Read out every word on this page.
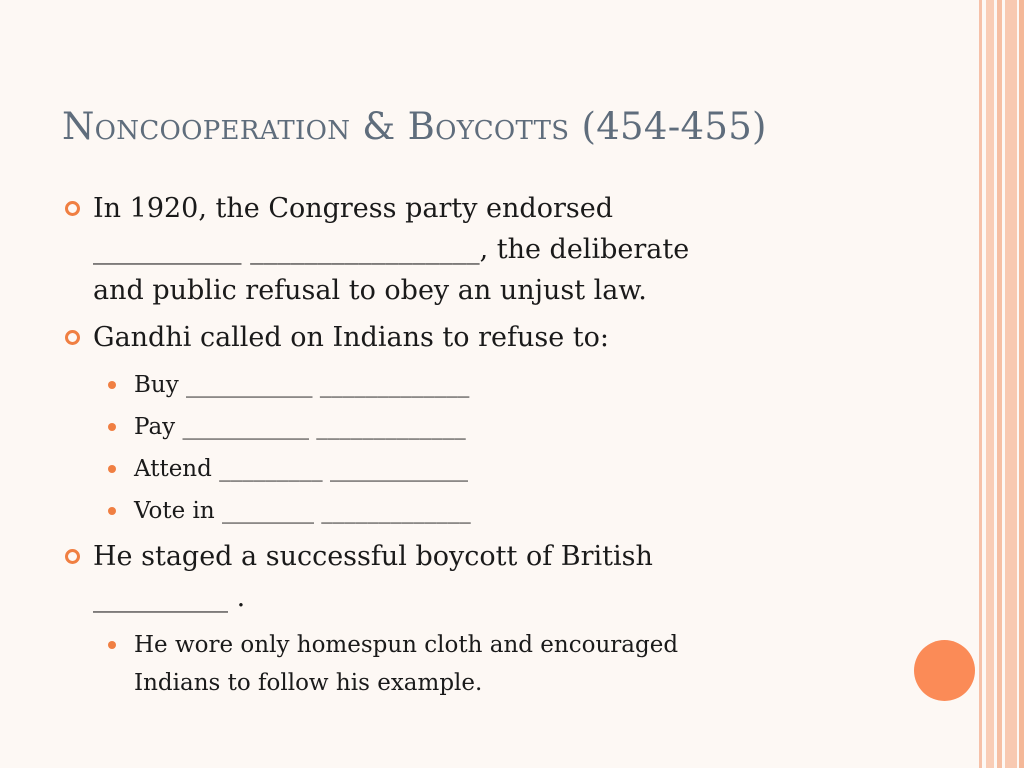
Noncooperation & Boycotts (454-455)
In 1920, the Congress party endorsed
___________ _________________, the deliberate
and public refusal to obey an unjust law.
Gandhi called on Indians to refuse to:
Buy ___________ _____________
Pay ___________ _____________
Attend _________ ____________
Vote in ________ _____________
He staged a successful boycott of British
__________ .
He wore only homespun cloth and encouraged
Indians to follow his example.
